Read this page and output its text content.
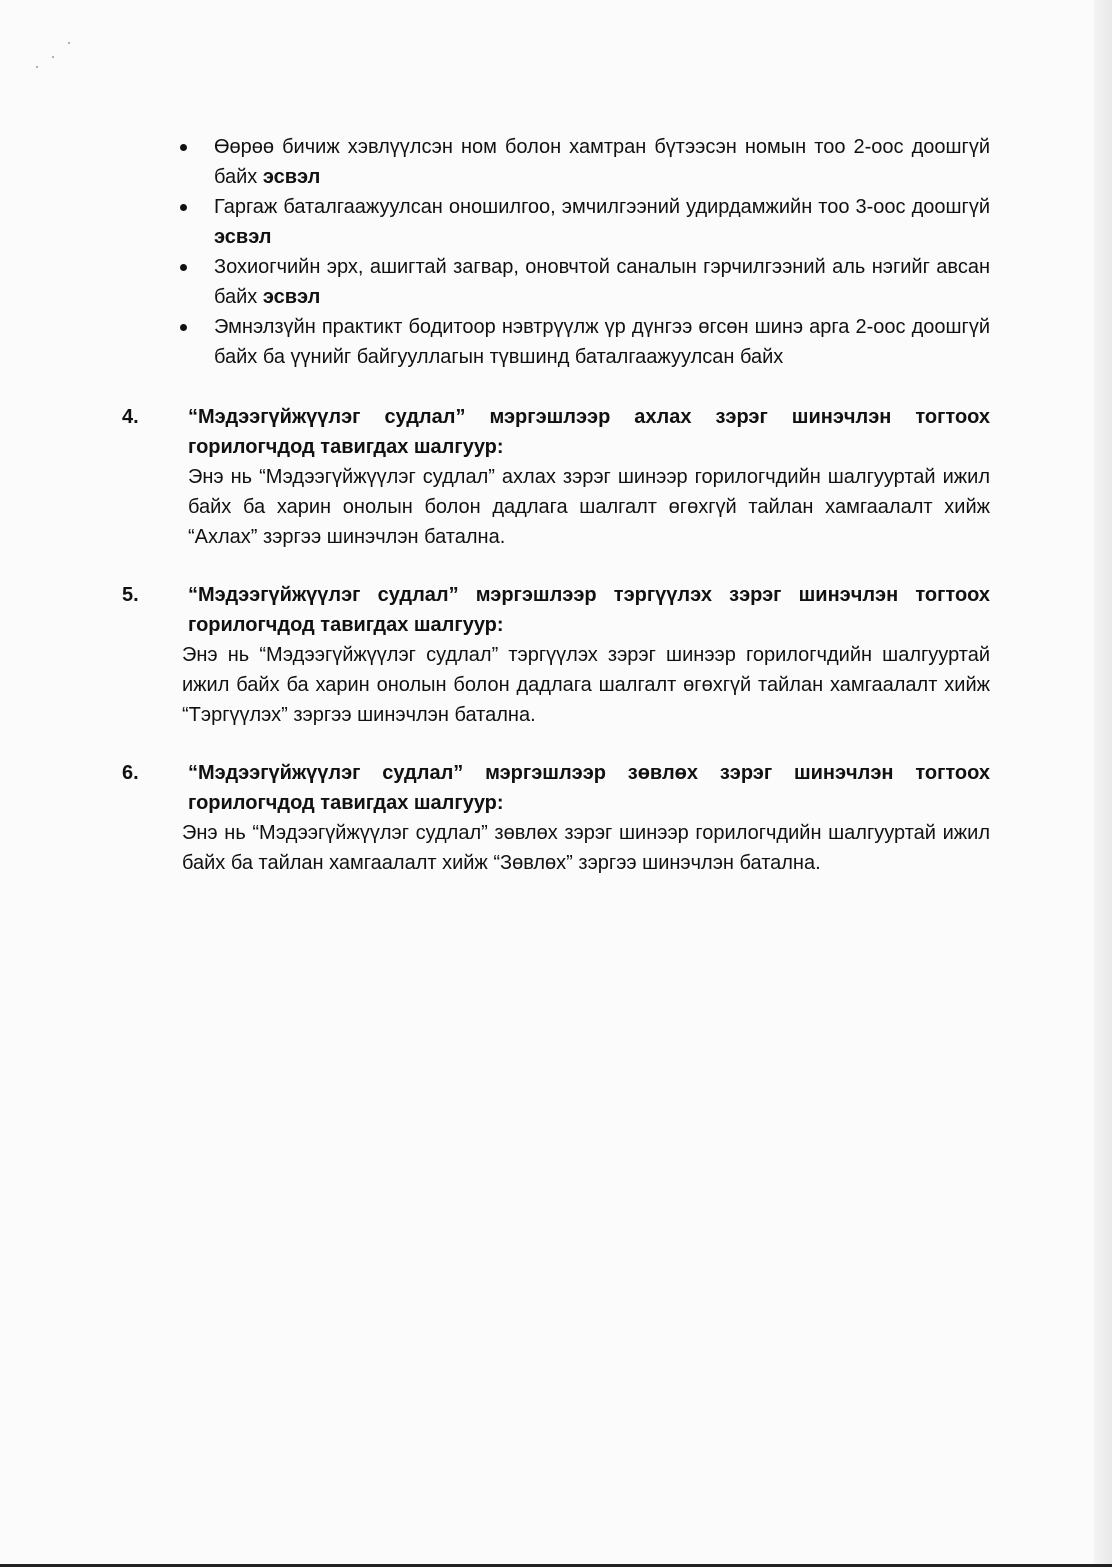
Өөрөө бичиж хэвлүүлсэн ном болон хамтран бүтээсэн номын тоо 2-оос доошгүй байх эсвэл
Гаргаж баталгаажуулсан оношилгоо, эмчилгээний удирдамжийн тоо 3-оос доошгүй эсвэл
Зохиогчийн эрх, ашигтай загвар, оновчтой саналын гэрчилгээний аль нэгийг авсан байх эсвэл
Эмнэлзүйн практикт бодитоор нэвтрүүлж үр дүнгээ өгсөн шинэ арга 2-оос доошгүй байх ба үүнийг байгууллагын түвшинд баталгаажуулсан байх
4. “Мэдээгүйжүүлэг судлал” мэргэшлээр ахлах зэрэг шинэчлэн тогтоох горилогчдод тавигдах шалгуур:
Энэ нь “Мэдээгүйжүүлэг судлал” ахлах зэрэг шинээр горилогчдийн шалгууртай ижил байх ба харин онолын болон дадлага шалгалт өгөхгүй тайлан хамгаалалт хийж “Ахлах” зэргээ шинэчлэн батална.
5. “Мэдээгүйжүүлэг судлал” мэргэшлээр тэргүүлэх зэрэг шинэчлэн тогтоох горилогчдод тавигдах шалгуур:
Энэ нь “Мэдээгүйжүүлэг судлал” тэргүүлэх зэрэг шинээр горилогчдийн шалгууртай ижил байх ба харин онолын болон дадлага шалгалт өгөхгүй тайлан хамгаалалт хийж “Тэргүүлэх” зэргээ шинэчлэн батална.
6. “Мэдээгүйжүүлэг судлал” мэргэшлээр зөвлөх зэрэг шинэчлэн тогтоох горилогчдод тавигдах шалгуур:
Энэ нь “Мэдээгүйжүүлэг судлал” зөвлөх зэрэг шинээр горилогчдийн шалгууртай ижил байх ба тайлан хамгаалалт хийж “Зөвлөх” зэргээ шинэчлэн батална.
